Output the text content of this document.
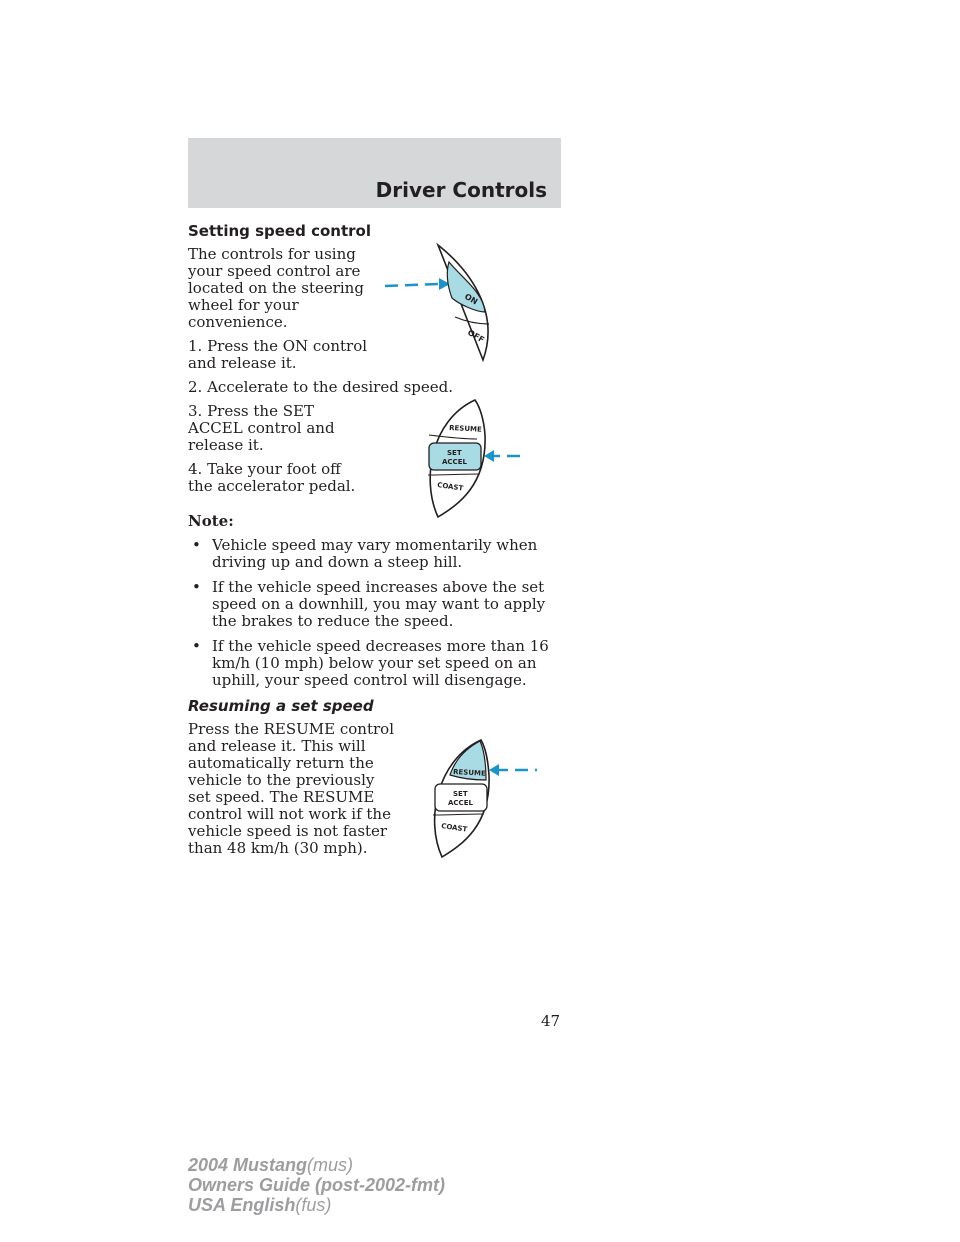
Driver Controls
Setting speed control

The controls for using your speed control are located on the steering wheel for your convenience.

1. Press the ON control and release it.

2. Accelerate to the desired speed.

3. Press the SET ACCEL control and release it.

4. Take your foot off the accelerator pedal.

Note:

• Vehicle speed may vary momentarily when driving up and down a steep hill.
• If the vehicle speed increases above the set speed on a downhill, you may want to apply the brakes to reduce the speed.
• If the vehicle speed decreases more than 16 km/h (10 mph) below your set speed on an uphill, your speed control will disengage.
Resuming a set speed

Press the RESUME control and release it. This will automatically return the vehicle to the previously set speed. The RESUME control will not work if the vehicle speed is not faster than 48 km/h (30 mph).

ON
OFF
RESUME
SET
ACCEL
COAST
RESUME
SET
ACCEL
COAST
47
2004 Mustang(mus)
Owners Guide (post-2002-fmt)
USA English(fus)
